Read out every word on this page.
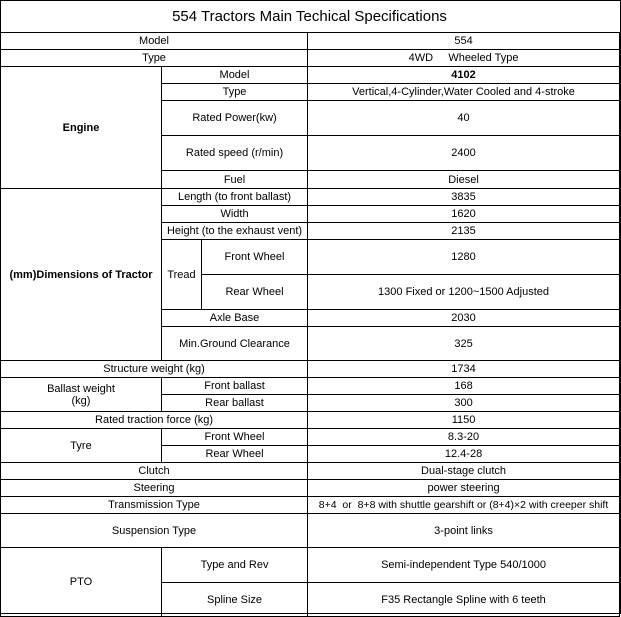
554 Tractors Main Techical Specifications
Model			554
Type			4WD     Wheeled Type
Engine	Model		4102
	Type		Vertical,4-Cylinder,Water Cooled and 4-stroke
	Rated Power(kw)		40
	Rated speed (r/min)		2400
	Fuel		Diesel
(mm)Dimensions of Tractor	Length (to front ballast)		3835
	Width		1620
	Height (to the exhaust vent)		2135
	Tread	Front Wheel	1280
		Rear Wheel	1300 Fixed or 1200~1500 Adjusted
	Axle Base		2030
	Min.Ground Clearance		325
Structure weight (kg)			1734
Ballast weight
(kg)	Front ballast		168
	Rear ballast		300
Rated traction force (kg)			1150
Tyre	Front Wheel		8.3-20
	Rear Wheel		12.4-28
Clutch			Dual-stage clutch
Steering			power steering
Transmission Type			8+4  or  8+8 with shuttle gearshift or (8+4)×2 with creeper shift
Suspension Type			3-point links
PTO	Type and Rev		Semi-independent Type 540/1000
	Spline Size		F35 Rectangle Spline with 6 teeth
